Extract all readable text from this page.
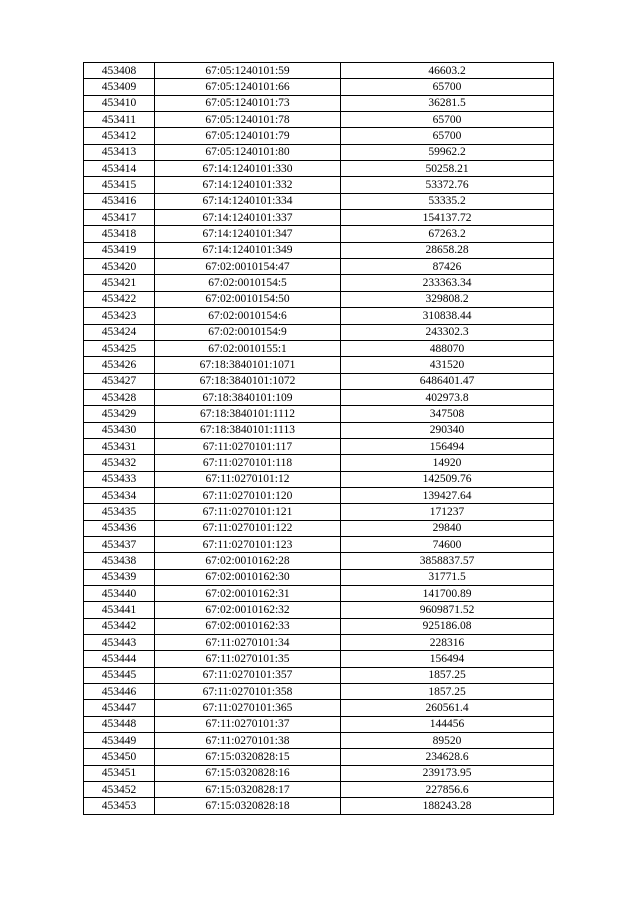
453408	67:05:1240101:59	46603.2
453409	67:05:1240101:66	65700
453410	67:05:1240101:73	36281.5
453411	67:05:1240101:78	65700
453412	67:05:1240101:79	65700
453413	67:05:1240101:80	59962.2
453414	67:14:1240101:330	50258.21
453415	67:14:1240101:332	53372.76
453416	67:14:1240101:334	53335.2
453417	67:14:1240101:337	154137.72
453418	67:14:1240101:347	67263.2
453419	67:14:1240101:349	28658.28
453420	67:02:0010154:47	87426
453421	67:02:0010154:5	233363.34
453422	67:02:0010154:50	329808.2
453423	67:02:0010154:6	310838.44
453424	67:02:0010154:9	243302.3
453425	67:02:0010155:1	488070
453426	67:18:3840101:1071	431520
453427	67:18:3840101:1072	6486401.47
453428	67:18:3840101:109	402973.8
453429	67:18:3840101:1112	347508
453430	67:18:3840101:1113	290340
453431	67:11:0270101:117	156494
453432	67:11:0270101:118	14920
453433	67:11:0270101:12	142509.76
453434	67:11:0270101:120	139427.64
453435	67:11:0270101:121	171237
453436	67:11:0270101:122	29840
453437	67:11:0270101:123	74600
453438	67:02:0010162:28	3858837.57
453439	67:02:0010162:30	31771.5
453440	67:02:0010162:31	141700.89
453441	67:02:0010162:32	9609871.52
453442	67:02:0010162:33	925186.08
453443	67:11:0270101:34	228316
453444	67:11:0270101:35	156494
453445	67:11:0270101:357	1857.25
453446	67:11:0270101:358	1857.25
453447	67:11:0270101:365	260561.4
453448	67:11:0270101:37	144456
453449	67:11:0270101:38	89520
453450	67:15:0320828:15	234628.6
453451	67:15:0320828:16	239173.95
453452	67:15:0320828:17	227856.6
453453	67:15:0320828:18	188243.28
